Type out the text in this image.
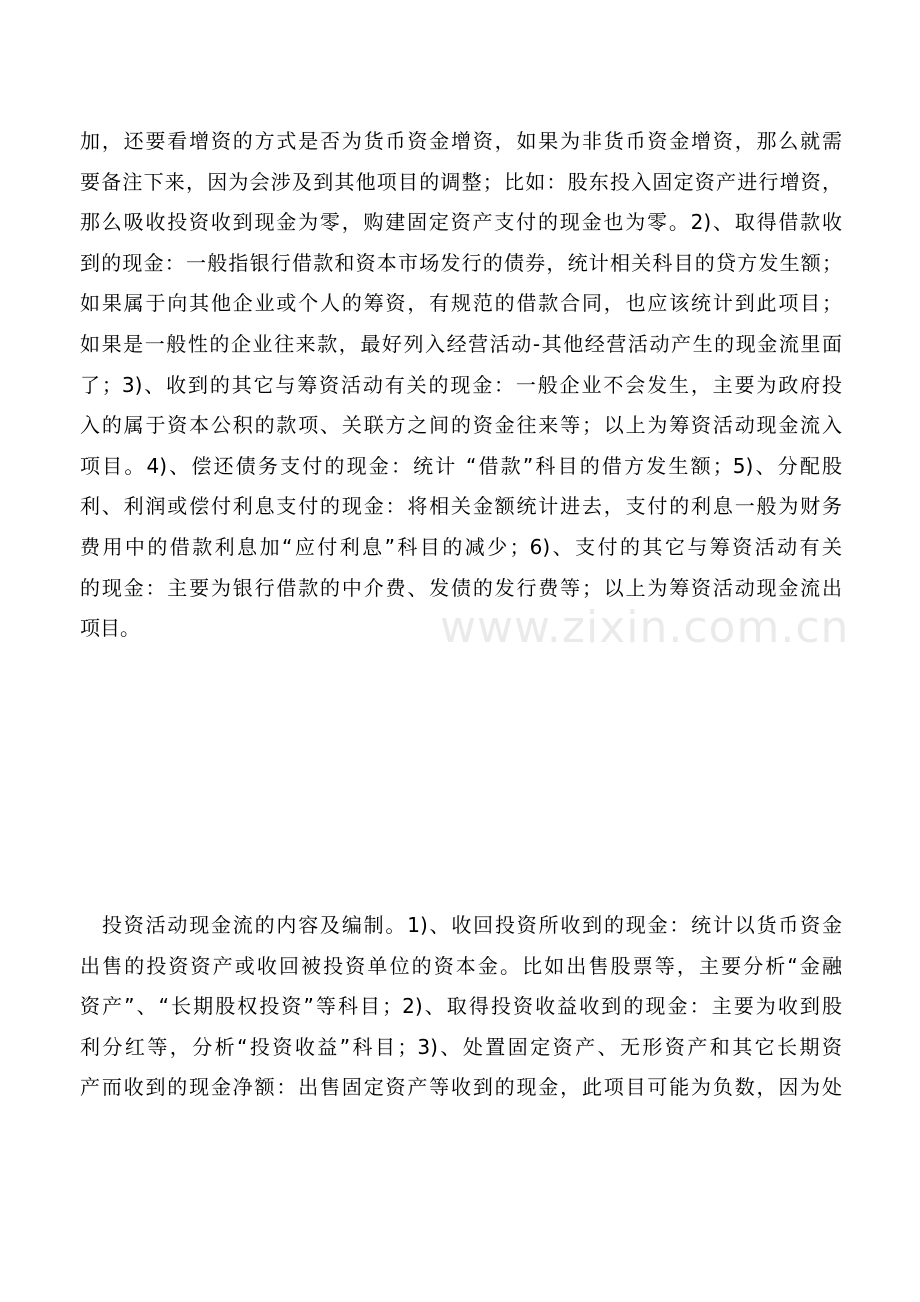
加，还要看增资的方式是否为货币资金增资，如果为非货币资金增资，那么就需
要备注下来，因为会涉及到其他项目的调整；比如：股东投入固定资产进行增资，
那么吸收投资收到现金为零，购建固定资产支付的现金也为零。2)、取得借款收
到的现金：一般指银行借款和资本市场发行的债券，统计相关科目的贷方发生额；
如果属于向其他企业或个人的筹资，有规范的借款合同，也应该统计到此项目；
如果是一般性的企业往来款，最好列入经营活动-其他经营活动产生的现金流里面
了；3)、收到的其它与筹资活动有关的现金：一般企业不会发生，主要为政府投
入的属于资本公积的款项、关联方之间的资金往来等；以上为筹资活动现金流入
项目。4)、偿还债务支付的现金：统计 “借款”科目的借方发生额；5)、分配股
利、利润或偿付利息支付的现金：将相关金额统计进去，支付的利息一般为财务
费用中的借款利息加“应付利息”科目的减少；6)、支付的其它与筹资活动有关
的现金：主要为银行借款的中介费、发债的发行费等；以上为筹资活动现金流出
项目。
投资活动现金流的内容及编制。1)、收回投资所收到的现金：统计以货币资金
出售的投资资产或收回被投资单位的资本金。比如出售股票等，主要分析“金融
资产”、“长期股权投资”等科目；2)、取得投资收益收到的现金：主要为收到股
利分红等，分析“投资收益”科目；3)、处置固定资产、无形资产和其它长期资
产而收到的现金净额：出售固定资产等收到的现金，此项目可能为负数，因为处
www.zixin.com.cn
